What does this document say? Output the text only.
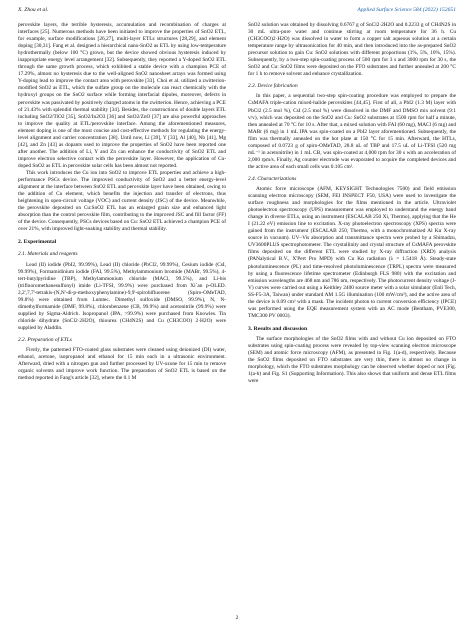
X. Zhou et al.	Applied Surface Science 584 (2022) 152651

perovskite layers, the terrible hysteresis, accumulation and recombination of charges at interfaces [25]. Numerous methods have been initiated to improve the properties of SnO2 ETL, for example, surface modifications [26,27], multi-layer ETLs structures [28,29], and element doping [30,31]. Fang et al. designed a hierarchical nano-SnO2 as ETL by using low-temperature hydrothermally (below 100 °C) grown, but the device showed obvious hysteresis induced by inappropriate energy level arrangement [32]. Subsequently, they reported a Y-doped SnO2 ETL through the same growth process, which exhibited a stable device with a champion PCE of 17.29%, almost no hysteresis due to the well-aligned SnO2 nanosheet arrays was formed using Y-doping lead to improve the contact area with perovskite [33]. Choi et al. utilized a zwitterion-modified SnO2 as ETL, which the sulfate group on the molecule can react chemically with the hydroxyl groups on the SnO2 surface while forming interfacial dipoles, moreover, defects in perovskite was passivated by positively charged atoms in the zwitterion. Hence, achieving a PCE of 21.43% with splendid thermal stability [34]. Besides, the constructions of double layers ETL including SnO2/TiO2 [35], SnO2/In2O3 [36] and SnO2/ZnO [37] are also powerful approaches to improve the quality at ETL/perovskite interface. Among the aforementioned measures, element doping is one of the most concise and cost-effective methods for regulating the energy-level alignment and carrier concentration [38]. Until now, Li [39], Y [33], Al [40], Nb [41], Mg [42], and Zn [43] as dopants used to improve the properties of SnO2 have been reported one after another. The addition of Li, Y and Zn can enhance the conductivity of SnO2 ETL and improve electron selective contact with the perovskite layer. However, the application of Cu-doped SnO2 as ETL in perovskite solar cells has been almost not reported.

This work introduces the Cu ion into SnO2 to improve ETL properties and achieve a high-performance PSCs device. The improved conductivity of SnO2 and a better energy-level alignment at the interface between SnO2 ETL and perovskite layer have been obtained, owing to the addition of Cu element, which benefits the injection and transfer of electrons, thus heightening in open-circuit voltage (VOC) and current density (JSC) of the device. Meanwhile, the perovskite deposited on Cu:SnO2 ETL has an enlarged grain size and enhanced light absorption than the control perovskite film, contributing to the improved JSC and fill factor (FF) of the device. Consequently, PSCs devices based on Cu: SnO2 ETL achieved a champion PCE of over 21%, with improved light-soaking stability and thermal stability.

2. Experimental
2.1. Materials and reagents

Lead (II) iodide (PbI2, 99.99%), Lead (II) chloride (PbCl2, 99.99%), Cesium iodide (CsI, 99.99%), Formamidinium iodide (FAI, 99.5%), Methylammonium bromide (MABr, 99.5%), 4-tert-butylpyridine (TBP), Methylammonium chloride (MACl, 99.5%), and Li-bis (trifluoromethanesulfonyl) imide (Li-TFSI, 99.9%) were purchased from Xi`an p-OLED. 2,2',7,7'-tetrakis-(N,N'-di-p-methoxyphenylamine)-9,9'-spirobifluorene (Spiro-OMeTAD, 99.8%) were obtained from Lumtec. Dimethyl sulfoxide (DMSO, 99.9%), N, N-dimethylformamide (DMF, 99.8%), chlorobenzene (CB, 99.9%) and acetonitrile (99.9%) were supplied by Sigma-Aldrich. Isopropanol (IPA, >99.9%) were purchased from Knowles. Tin chloride dihydrate (SnCl2·2H2O), thiourea (CH4N2S) and Cu (CH3COO) 2·H2O) were supplied by Aladdin.

2.2. Preparation of ETLs

Firstly, the patterned FTO-coated glass substrates were cleaned using deionized (DI) water, ethanol, acetone, isopropanol and ethanol for 15 min each in a ultrasonic environment. Afterward, dried with a nitrogen gun and further processed by UV-ozone for 15 min to remove organic solvents and improve work function. The preparation of SnO2 ETL is based on the method reported in Fang's article [32], where the 0.1 M

SnO2 solution was obtained by dissolving 0.6767 g of SnCl2·2H2O and 0.2233 g of CH4N2S in 30 mL ultra-pure water and continue stirring at room temperature for 36 h. Cu (CH3COO)2·H2O) was dissolved in water to form a copper salt aqueous solution at a certain temperature range by ultrasonication for 40 min, and then introduced into the as-prepared SnO2 precursor solution to gain Cu: SnO2 solutions with different proportions (1%, 5%, 10%, 15%). Subsequently, by a two-step spin-coating process of 500 rpm for 3 s and 3000 rpm for 30 s, the SnO2 and Cu: SnO2 films were deposited on the FTO substrates and further annealed at 200 °C for 1 h to remove solvent and enhance crystallization.

2.3. Device fabrication

In this paper, a sequential two-step spin-coating procedure was employed to prepare the CsMAFA triple-cation mixed-halide perovskites [44,45]. First of all, a PbI2 (1.3 M) layer with PbCl2 (2.5 mol %), CsI (2.5 mol %) were dissolved in the DMF and DMSO mix solvent (9:1 v/v), which was deposited on the SnO2 and Cu: SnO2 substrates at 1500 rpm for half a minute, then annealed at 70 °C for 10 s. After that, a mixed solution with FAI (60 mg), MACl (6 mg) and MABr (6 mg) in 1 mL IPA was spin-coated on a PbI2 layer aforementioned. Subsequently, the film was thermally annealed on the hot plate at 150 °C for 15 min. Afterward, the HTLs, composed of 0.0723 g of spiro-OMeTAD, 28.8 uL of TBP and 17.5 uL of Li-TFSI (520 mg mL⁻¹ in acetonitrile) in 1 mL CB, was spin-coated at 4,000 rpm for 30 s with an acceleration of 2,000 rpm/s. Finally, Ag counter electrode was evaporated to acquire the completed devices and the active area of each small cells was 0.105 cm².

2.4. Characterizations

Atomic force microscope (AFM, KEYSIGHT Technologies 7500) and field emission scanning electron microscopy (SEM, FEI INSPECT F50, USA) were used to investigate the surface roughness and morphologies for the films mentioned in the article. Ultraviolet photoelectron spectroscopy (UPS) measurement was employed to understand the energy band change in diverse ETLs, using an instrument (ESCALAB 250 Xi, Thermo), applying that the He I (21.22 eV) emission line to excitation. X-ray photoelectron spectroscopy (XPS) spectra were gained from the instrument (ESCALAB 250, Thermo, with a monochromatized Al Kα X-ray source in vacuum). UV–Vis absorption and transmittance spectra were probed by a Shimadzu, UV3600PLUS spectrophotometer. The crystallinity and crystal structure of CsMAFA perovskite films deposited on the different ETL were studied by X-ray diffraction (XRD) analysis (PANalytical B.V., X'Pert Pro MPD) with Cu Kα radiation (λ = 1.5418 Å). Steady-state photoluminescence (PL) and time-resolved photoluminescence (TRPL) spectra were measured by using a fluorescence lifetime spectrometer (Edinburgh FLS 980) with the excitation and emission wavelengths are 468 nm and 786 nm, respectively. The photocurrent density voltage (J-V) curves were carried out using a Keithley 2400 source meter with a solar simulator (Enli Tech, SS-F5-3A, Taiwan) under standard AM 1.5G illumination (100 mW/cm²), and the active area of the device is 0.09 cm² with a mask. The incident photon to current conversion efficiency (IPCE) was performed using the EQE measurement system with an AC mode (Bentham, PVE300, TMC300 PV 0003).

3. Results and discussion

The surface morphologies of the SnO2 films with and without Cu ion deposited on FTO substrates using spin-coating process were revealed by top-view scanning electron microscope (SEM) and atomic force microscopy (AFM), as presented in Fig. 1(a-d), respectively. Because the SnO2 films deposited on FTO substrates are very thin, there is almost no change in morphology, which the FTO substrates morphology can be observed whether doped or not (Fig. 1(a-b) and Fig. S1 (Supporting Information). This also shows that uniform and dense ETL films were

2
